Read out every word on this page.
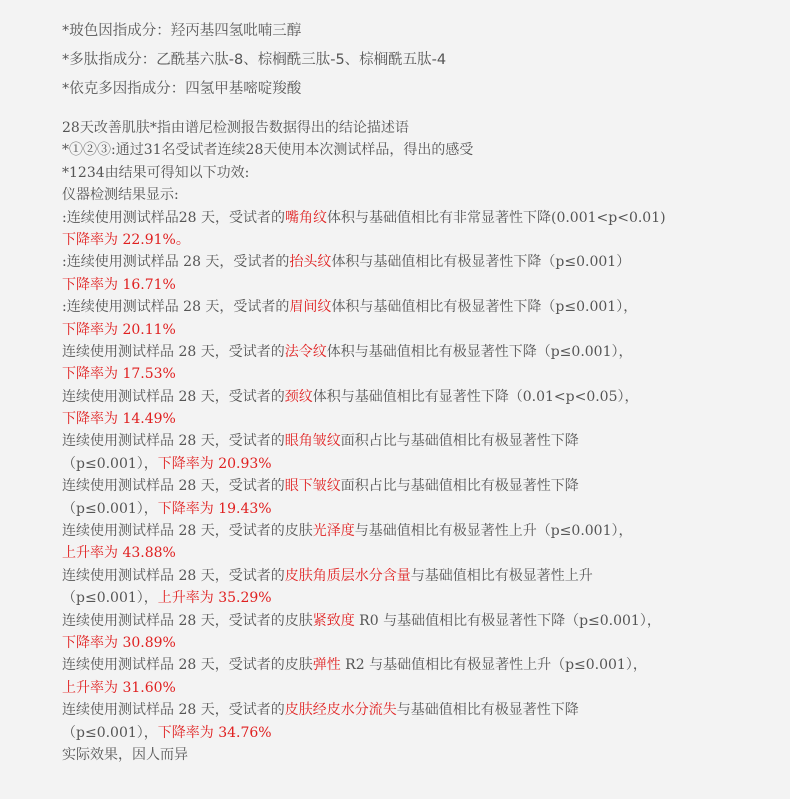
*玻色因指成分：羟丙基四氢吡喃三醇
*多肽指成分：乙酰基六肽-8、棕榈酰三肽-5、棕榈酰五肽-4
*依克多因指成分：四氢甲基嘧啶羧酸
28天改善肌肤*指由谱尼检测报告数据得出的结论描述语
*①②③:通过31名受试者连续28天使用本次测试样品，得出的感受
*1234由结果可得知以下功效:
仪器检测结果显示:
:连续使用测试样品28 天，受试者的嘴角纹体积与基础值相比有非常显著性下降(0.001<p<0.01)
下降率为 22.91%。
:连续使用测试样品 28 天，受试者的抬头纹体积与基础值相比有极显著性下降（p≤0.001）
下降率为 16.71%
:连续使用测试样品 28 天，受试者的眉间纹体积与基础值相比有极显著性下降（p≤0.001），
下降率为 20.11%
连续使用测试样品 28 天，受试者的法令纹体积与基础值相比有极显著性下降（p≤0.001），
下降率为 17.53%
连续使用测试样品 28 天，受试者的颈纹体积与基础值相比有显著性下降（0.01<p<0.05），
下降率为 14.49%
连续使用测试样品 28 天，受试者的眼角皱纹面积占比与基础值相比有极显著性下降
（p≤0.001），下降率为 20.93%
连续使用测试样品 28 天，受试者的眼下皱纹面积占比与基础值相比有极显著性下降
（p≤0.001），下降率为 19.43%
连续使用测试样品 28 天，受试者的皮肤光泽度与基础值相比有极显著性上升（p≤0.001），
上升率为 43.88%
连续使用测试样品 28 天，受试者的皮肤角质层水分含量与基础值相比有极显著性上升
（p≤0.001），上升率为 35.29%
连续使用测试样品 28 天，受试者的皮肤紧致度 R0 与基础值相比有极显著性下降（p≤0.001），
下降率为 30.89%
连续使用测试样品 28 天，受试者的皮肤弹性 R2 与基础值相比有极显著性上升（p≤0.001），
上升率为 31.60%
连续使用测试样品 28 天，受试者的皮肤经皮水分流失与基础值相比有极显著性下降
（p≤0.001），下降率为 34.76%
实际效果，因人而异
